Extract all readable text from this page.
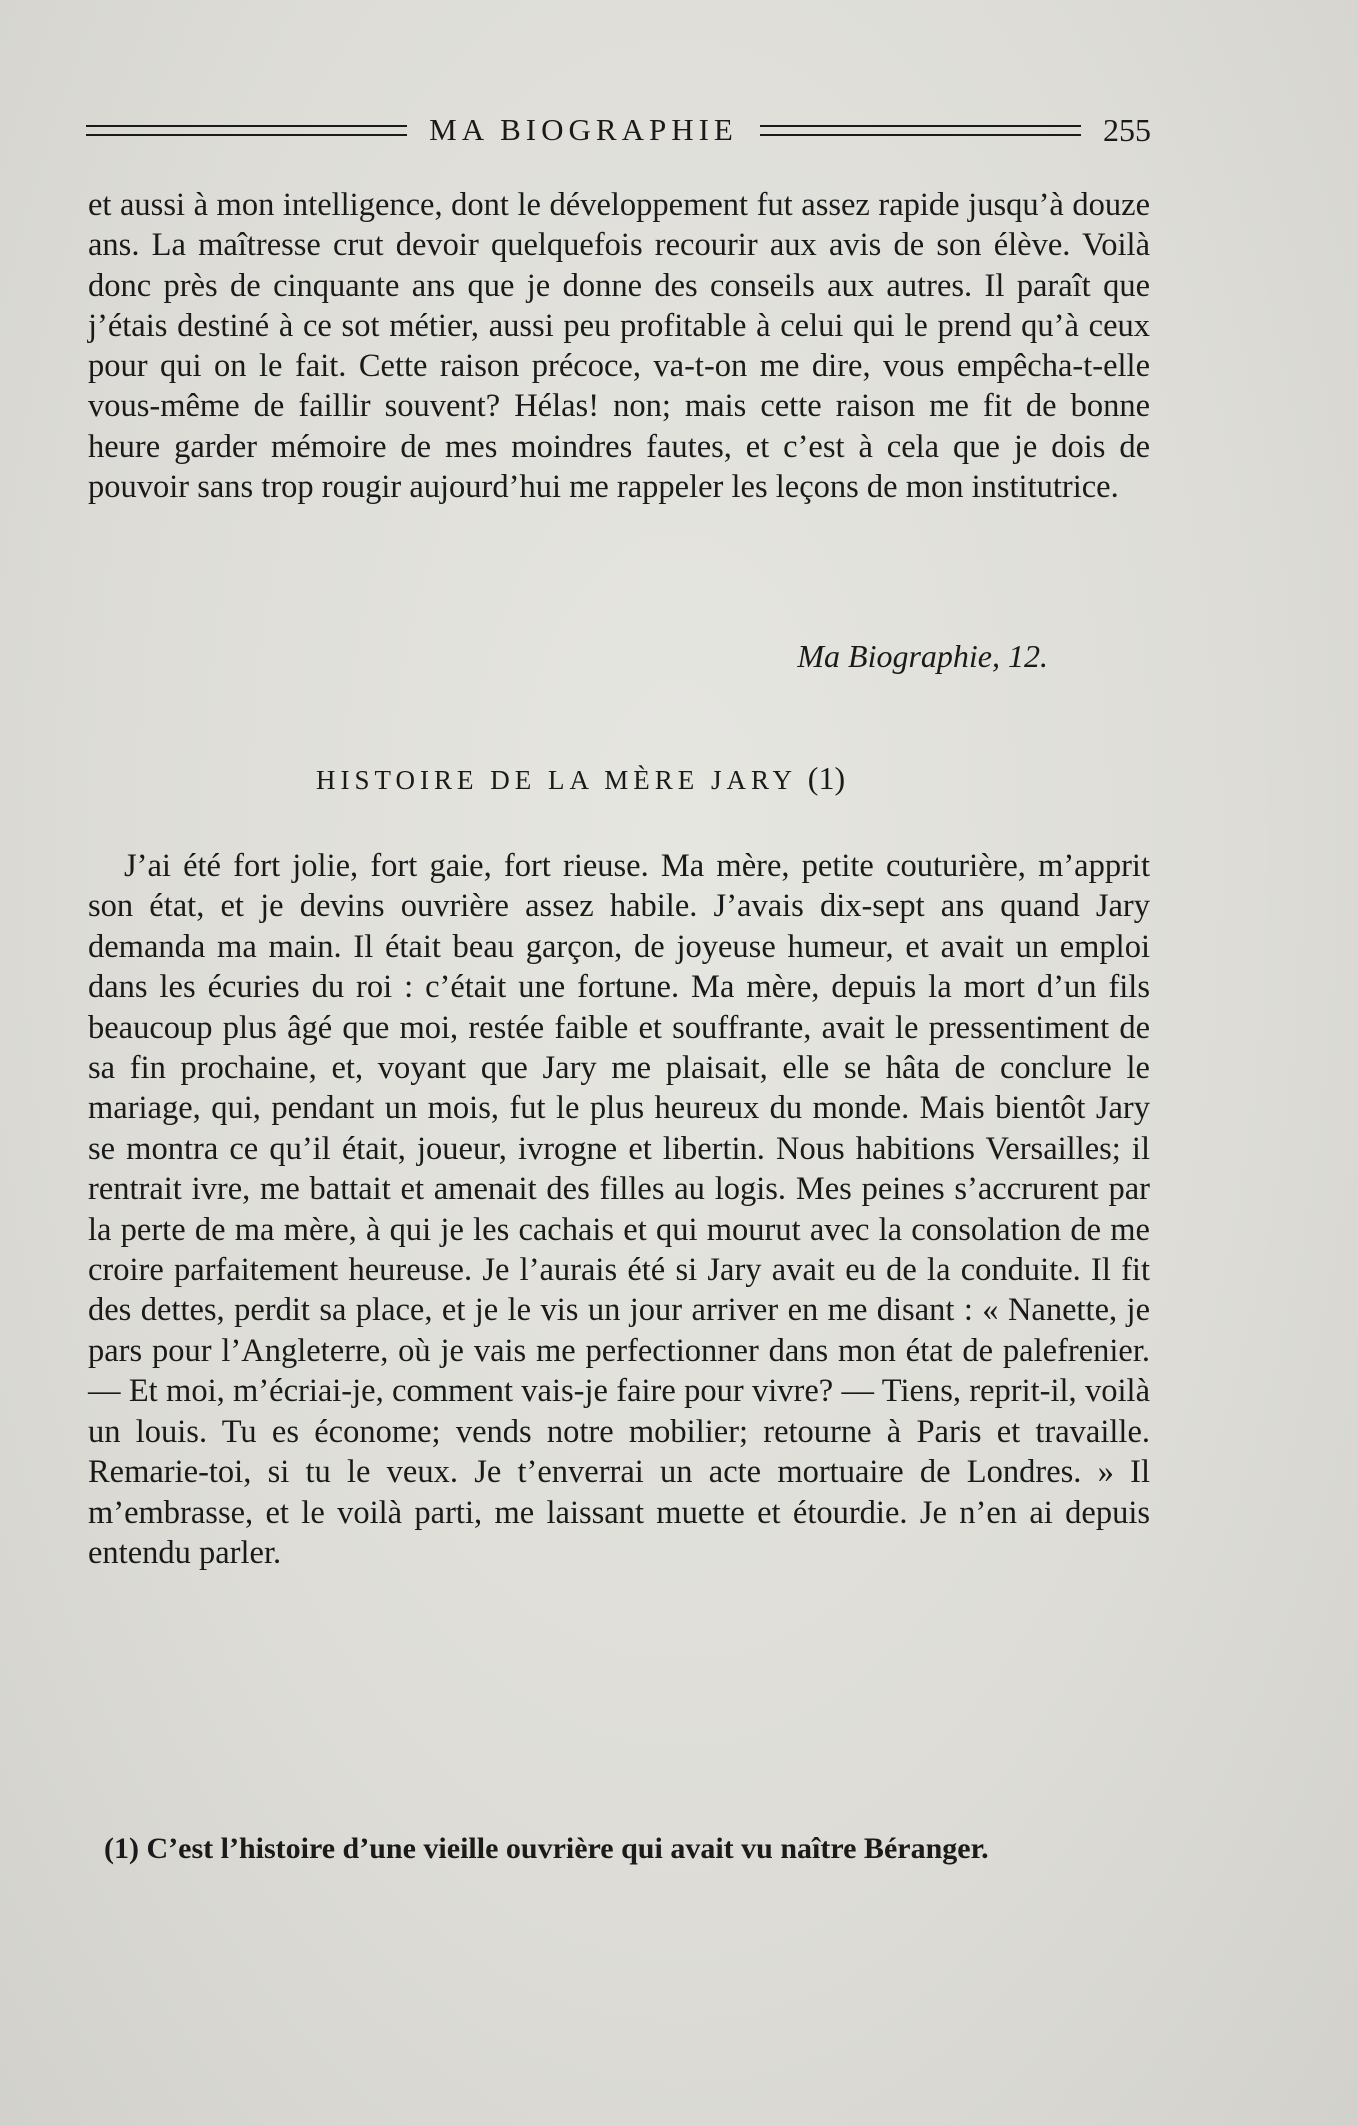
MA BIOGRAPHIE	255

et aussi à mon intelligence, dont le développement fut assez rapide jusqu’à douze ans. La maîtresse crut devoir quelquefois recourir aux avis de son élève. Voilà donc près de cinquante ans que je donne des conseils aux autres. Il paraît que j’étais destiné à ce sot métier, aussi peu profitable à celui qui le prend qu’à ceux pour qui on le fait. Cette raison précoce, va-t-on me dire, vous empêcha-t-elle vous-même de faillir souvent? Hélas! non; mais cette raison me fit de bonne heure garder mémoire de mes moindres fautes, et c’est à cela que je dois de pouvoir sans trop rougir aujourd’hui me rappeler les leçons de mon institutrice.

Ma Biographie, 12.
HISTOIRE DE LA MÈRE JARY (1)

J’ai été fort jolie, fort gaie, fort rieuse. Ma mère, petite couturière, m’apprit son état, et je devins ouvrière assez habile. J’avais dix-sept ans quand Jary demanda ma main. Il était beau garçon, de joyeuse humeur, et avait un emploi dans les écuries du roi : c’était une fortune. Ma mère, depuis la mort d’un fils beaucoup plus âgé que moi, restée faible et souffrante, avait le pressentiment de sa fin prochaine, et, voyant que Jary me plaisait, elle se hâta de conclure le mariage, qui, pendant un mois, fut le plus heureux du monde. Mais bientôt Jary se montra ce qu’il était, joueur, ivrogne et libertin. Nous habitions Versailles; il rentrait ivre, me battait et amenait des filles au logis. Mes peines s’accrurent par la perte de ma mère, à qui je les cachais et qui mourut avec la consolation de me croire parfaitement heureuse. Je l’aurais été si Jary avait eu de la conduite. Il fit des dettes, perdit sa place, et je le vis un jour arriver en me disant : « Nanette, je pars pour l’Angleterre, où je vais me perfectionner dans mon état de palefrenier. — Et moi, m’écriai-je, comment vais-je faire pour vivre? — Tiens, reprit-il, voilà un louis. Tu es économe; vends notre mobilier; retourne à Paris et travaille. Remarie-toi, si tu le veux. Je t’enverrai un acte mortuaire de Londres. » Il m’embrasse, et le voilà parti, me laissant muette et étourdie. Je n’en ai depuis entendu parler.

(1) C’est l’histoire d’une vieille ouvrière qui avait vu naître Béranger.
